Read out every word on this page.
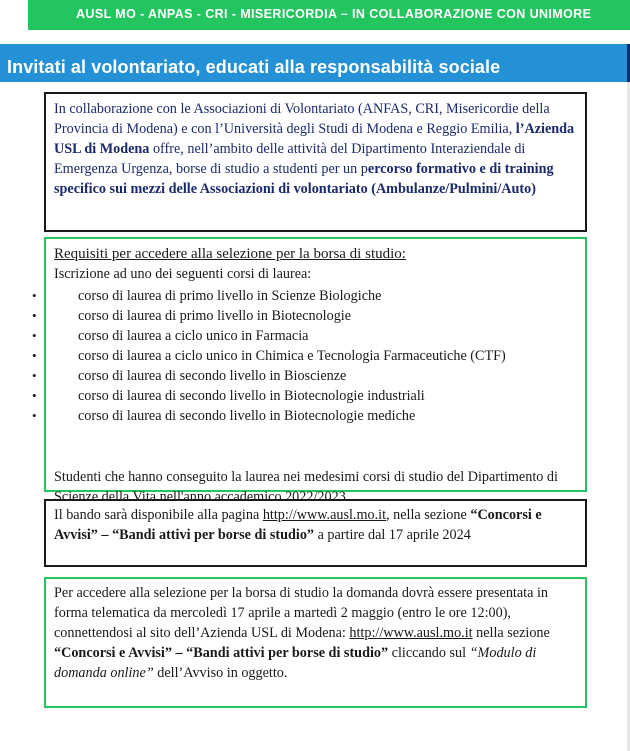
AUSL MO - ANPAS - CRI - MISERICORDIA – IN COLLABORAZIONE CON UNIMORE
Invitati al volontariato, educati alla responsabilità sociale
In collaborazione con le Associazioni di Volontariato (ANFAS, CRI, Misericordie della Provincia di Modena) e con l’Università degli Studi di Modena e Reggio Emilia, l’Azienda USL di Modena offre, nell’ambito delle attività del Dipartimento Interaziendale di Emergenza Urgenza, borse di studio a studenti per un percorso formativo e di training specifico sui mezzi delle Associazioni di volontariato (Ambulanze/Pulmini/Auto)
Requisiti per accedere alla selezione per la borsa di studio:
Iscrizione ad uno dei seguenti corsi di laurea:
• corso di laurea di primo livello in Scienze Biologiche
• corso di laurea di primo livello in Biotecnologie
• corso di laurea a ciclo unico in Farmacia
• corso di laurea a ciclo unico in Chimica e Tecnologia Farmaceutiche (CTF)
• corso di laurea di secondo livello in Bioscienze
• corso di laurea di secondo livello in Biotecnologie industriali
• corso di laurea di secondo livello in Biotecnologie mediche
Studenti che hanno conseguito la laurea nei medesimi corsi di studio del Dipartimento di Scienze della Vita nell'anno accademico 2022/2023.
Il bando sarà disponibile alla pagina http://www.ausl.mo.it, nella sezione “Concorsi e Avvisi” – “Bandi attivi per borse di studio” a partire dal 17 aprile 2024
Per accedere alla selezione per la borsa di studio la domanda dovrà essere presentata in forma telematica da mercoledì 17 aprile a martedì 2 maggio (entro le ore 12:00), connettendosi al sito dell’Azienda USL di Modena: http://www.ausl.mo.it nella sezione “Concorsi e Avvisi” – “Bandi attivi per borse di studio” cliccando sul “Modulo di domanda online” dell’Avviso in oggetto.
